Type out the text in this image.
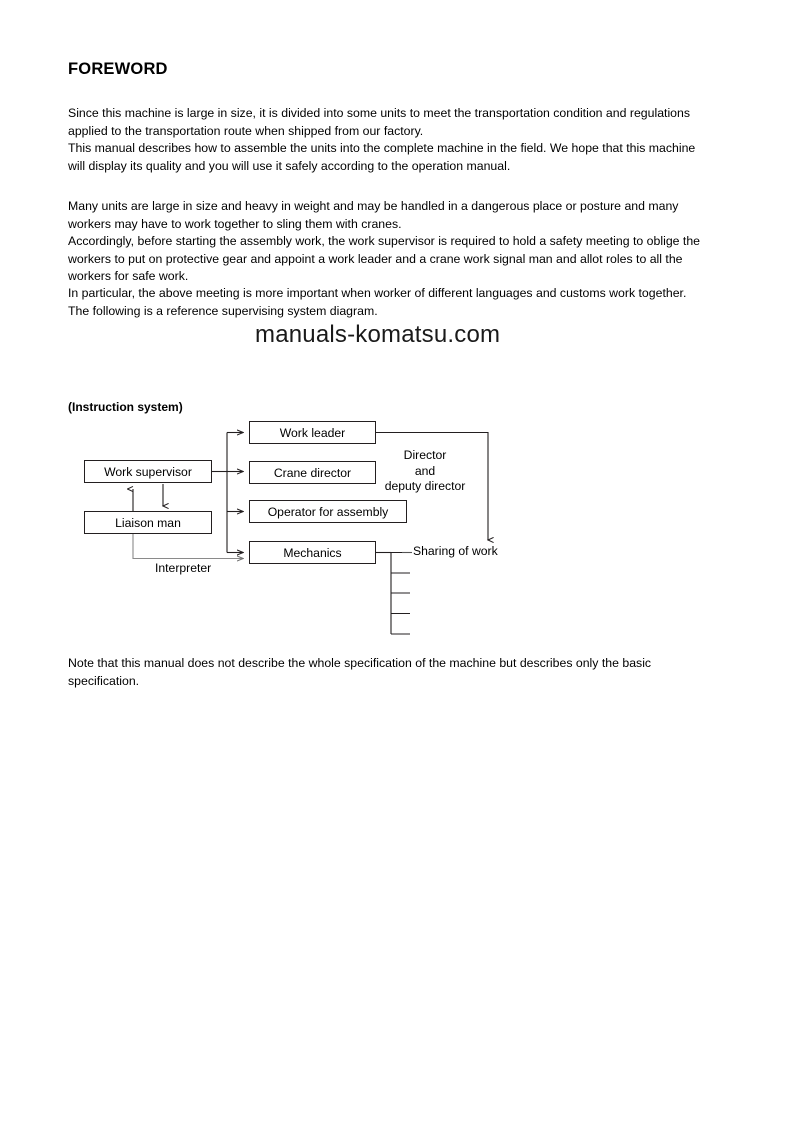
FOREWORD

Since this machine is large in size, it is divided into some units to meet the transportation condition and regulations applied to the transportation route when shipped from our factory.

This manual describes how to assemble the units into the complete machine in the field. We hope that this machine will display its quality and you will use it safely according to the operation manual.

Many units are large in size and heavy in weight and may be handled in a dangerous place or posture and many workers may have to work together to sling them with cranes.

Accordingly, before starting the assembly work, the work supervisor is required to hold a safety meeting to oblige the workers to put on protective gear and appoint a work leader and a crane work signal man and allot roles to all the workers for safe work.

In particular, the above meeting is more important when worker of different languages and customs work together.

The following is a reference supervising system diagram.

Note that this manual does not describe the whole specification of the machine but describes only the basic specification.

manuals-komatsu.com
(Instruction system)
Work supervisor
Liaison man
Work leader
Crane director
Operator for assembly
Mechanics
Director
and
deputy director
Sharing of work
Interpreter
